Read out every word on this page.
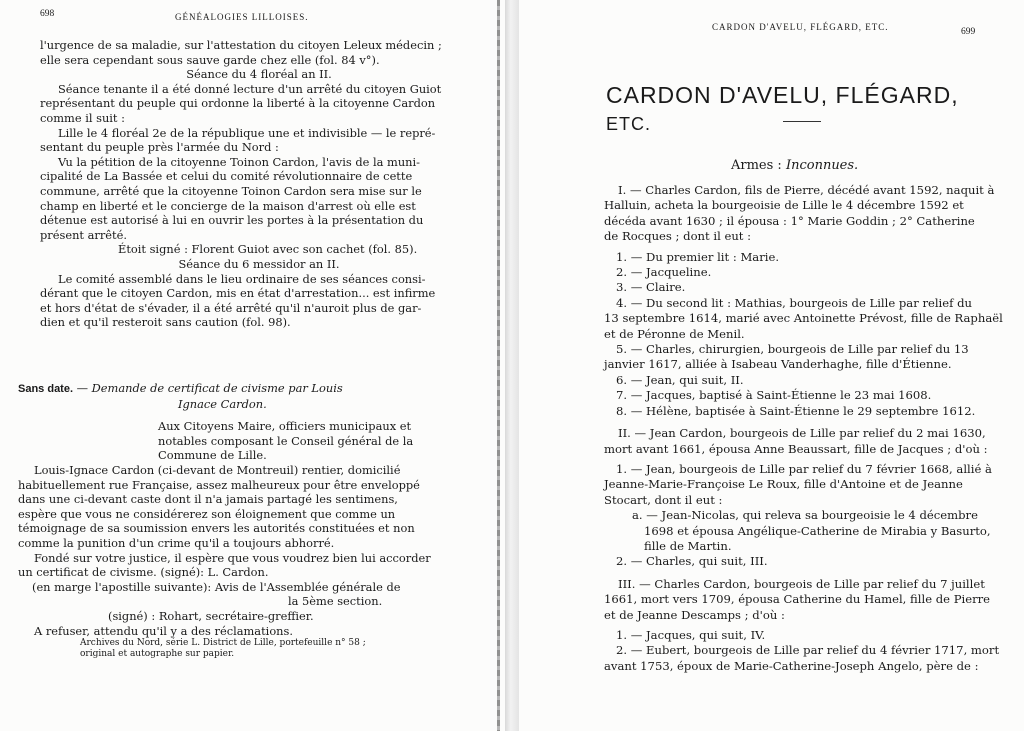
698	GÉNÉALOGIES LILLOISES.

l'urgence de sa maladie, sur l'attestation du citoyen Leleux médecin ;

elle sera cependant sous sauve garde chez elle (fol. 84 v°).

Séance du 4 floréal an II.

Séance tenante il a été donné lecture d'un arrêté du citoyen Guiot

représentant du peuple qui ordonne la liberté à la citoyenne Cardon

comme il suit :

Lille le 4 floréal 2e de la république une et indivisible — le repré-

sentant du peuple près l'armée du Nord :

Vu la pétition de la citoyenne Toinon Cardon, l'avis de la muni-

cipalité de La Bassée et celui du comité révolutionnaire de cette

commune, arrêté que la citoyenne Toinon Cardon sera mise sur le

champ en liberté et le concierge de la maison d'arrest où elle est

détenue est autorisé à lui en ouvrir les portes à la présentation du

présent arrêté.

Étoit signé : Florent Guiot avec son cachet (fol. 85).

Séance du 6 messidor an II.

Le comité assemblé dans le lieu ordinaire de ses séances consi-

dérant que le citoyen Cardon, mis en état d'arrestation... est infirme

et hors d'état de s'évader, il a été arrêté qu'il n'auroit plus de gar-

dien et qu'il resteroit sans caution (fol. 98).

Sans date. — Demande de certificat de civisme par Louis

Ignace Cardon.

Aux Citoyens Maire, officiers municipaux et

notables composant le Conseil général de la

Commune de Lille.

Louis-Ignace Cardon (ci-devant de Montreuil) rentier, domicilié

habituellement rue Française, assez malheureux pour être enveloppé

dans une ci-devant caste dont il n'a jamais partagé les sentimens,

espère que vous ne considérerez son éloignement que comme un

témoignage de sa soumission envers les autorités constituées et non

comme la punition d'un crime qu'il a toujours abhorré.

Fondé sur votre justice, il espère que vous voudrez bien lui accorder

un certificat de civisme. (signé): L. Cardon.

(en marge l'apostille suivante): Avis de l'Assemblée générale de

la 5ème section.

(signé) : Rohart, secrétaire-greffier.

A refuser, attendu qu'il y a des réclamations.

Archives du Nord, série L. District de Lille, portefeuille n° 58 ;

original et autographe sur papier.

CARDON D'AVELU, FLÉGARD, ETC.	699
CARDON D'AVELU, FLÉGARD, ETC.
Armes : Inconnues.

I. — Charles Cardon, fils de Pierre, décédé avant 1592, naquit à

Halluin, acheta la bourgeoisie de Lille le 4 décembre 1592 et

décéda avant 1630 ; il épousa : 1° Marie Goddin ; 2° Catherine

de Rocques ; dont il eut :

1. — Du premier lit : Marie.

2. — Jacqueline.

3. — Claire.

4. — Du second lit : Mathias, bourgeois de Lille par relief du

13 septembre 1614, marié avec Antoinette Prévost, fille de Raphaël

et de Péronne de Menil.

5. — Charles, chirurgien, bourgeois de Lille par relief du 13

janvier 1617, alliée à Isabeau Vanderhaghe, fille d'Étienne.

6. — Jean, qui suit, II.

7. — Jacques, baptisé à Saint-Étienne le 23 mai 1608.

8. — Hélène, baptisée à Saint-Étienne le 29 septembre 1612.

II. — Jean Cardon, bourgeois de Lille par relief du 2 mai 1630,

mort avant 1661, épousa Anne Beaussart, fille de Jacques ; d'où :

1. — Jean, bourgeois de Lille par relief du 7 février 1668, allié à

Jeanne-Marie-Françoise Le Roux, fille d'Antoine et de Jeanne

Stocart, dont il eut :

a. — Jean-Nicolas, qui releva sa bourgeoisie le 4 décembre

1698 et épousa Angélique-Catherine de Mirabia y Basurto,

fille de Martin.

2. — Charles, qui suit, III.

III. — Charles Cardon, bourgeois de Lille par relief du 7 juillet

1661, mort vers 1709, épousa Catherine du Hamel, fille de Pierre

et de Jeanne Descamps ; d'où :

1. — Jacques, qui suit, IV.

2. — Eubert, bourgeois de Lille par relief du 4 février 1717, mort

avant 1753, époux de Marie-Catherine-Joseph Angelo, père de :
